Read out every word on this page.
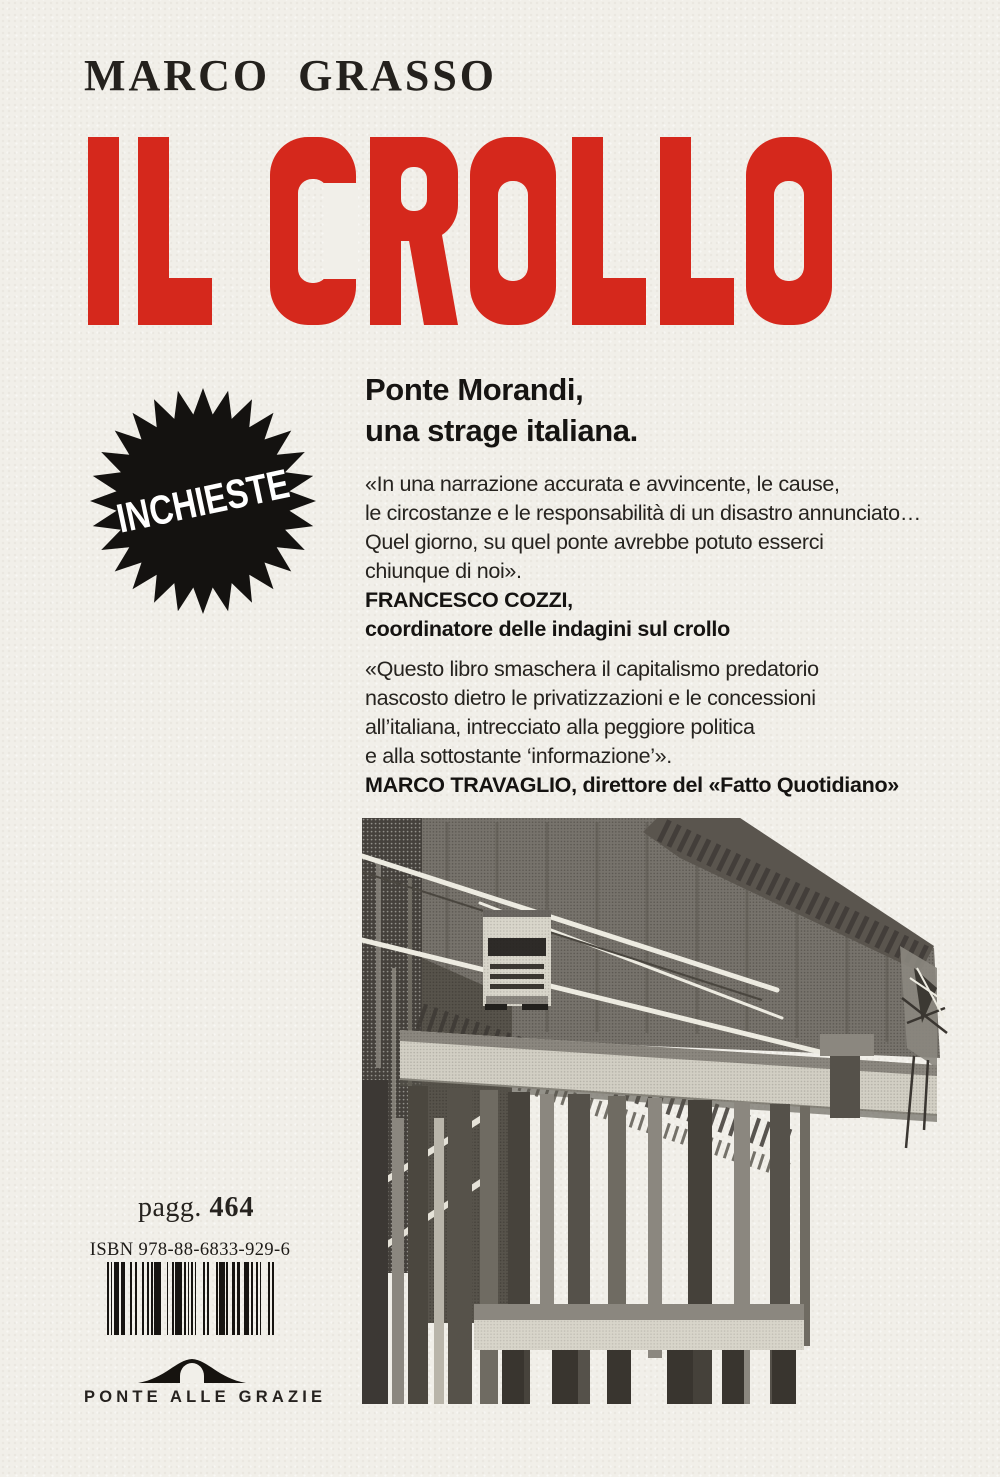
MARCO GRASSO
INCHIESTE
Ponte Morandi,
una strage italiana.
«In una narrazione accurata e avvincente, le cause,
le circostanze e le responsabilità di un disastro annunciato…
Quel giorno, su quel ponte avrebbe potuto esserci
chiunque di noi».
FRANCESCO COZZI,
coordinatore delle indagini sul crollo
«Questo libro smaschera il capitalismo predatorio
nascosto dietro le privatizzazioni e le concessioni
all’italiana, intrecciato alla peggiore politica
e alla sottostante ‘informazione’».
MARCO TRAVAGLIO, direttore del «Fatto Quotidiano»
pagg. 464
ISBN 978-88-6833-929-6
PONTE ALLE GRAZIE
